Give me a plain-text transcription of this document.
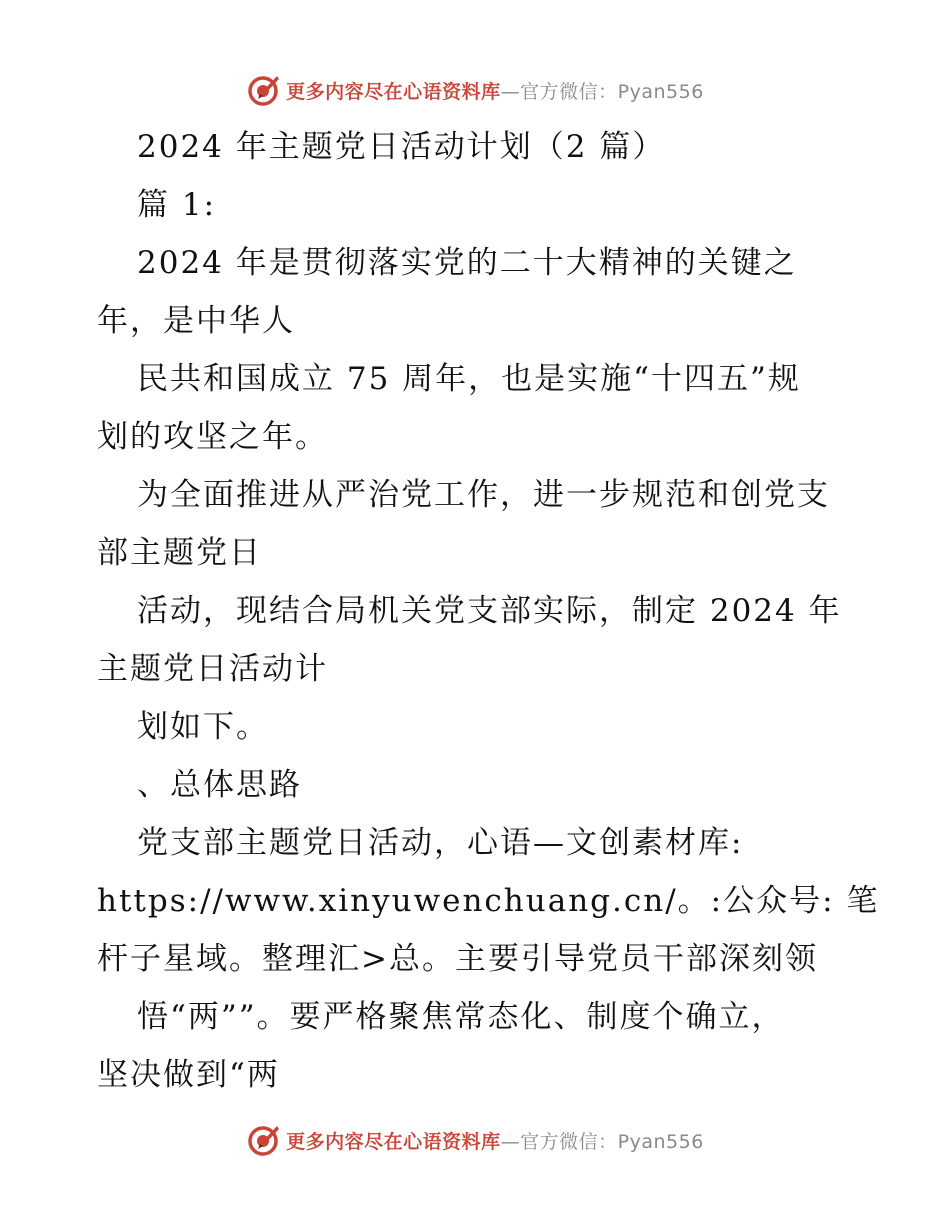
更多内容尽在心语资料库 —官方微信：Pyan556
2024 年主题党日活动计划（2 篇）
篇 1:
2024 年是贯彻落实党的二十大精神的关键之
年，是中华人
民共和国成立 75 周年，也是实施“十四五”规
划的攻坚之年。
为全面推进从严治党工作，进一步规范和创党支
部主题党日
活动，现结合局机关党支部实际，制定 2024 年
主题党日活动计
划如下。
、总体思路
党支部主题党日活动，心语—文创素材库:
https://www.xinyuwenchuang.cn/。:公众号: 笔
杆子星域。整理汇>总。主要引导党员干部深刻领
悟“两””。要严格聚焦常态化、制度个确立，
坚决做到“两
更多内容尽在心语资料库 —官方微信：Pyan556
